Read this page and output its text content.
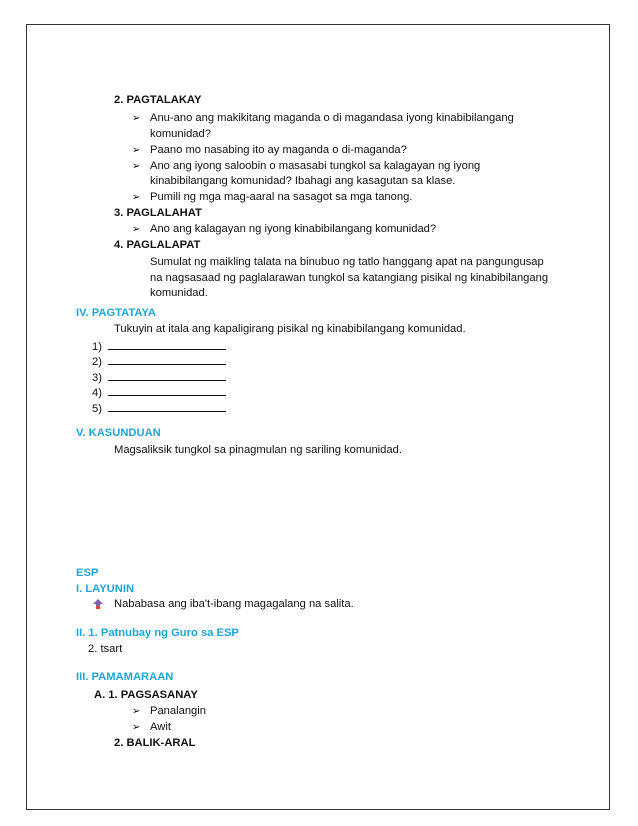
2. PAGTALAKAY
➢ Anu-ano ang makikitang maganda o di magandasa iyong kinabibilangang
komunidad?
➢ Paano mo nasabing ito ay maganda o di-maganda?
➢ Ano ang iyong saloobin o masasabi tungkol sa kalagayan ng iyong
kinabibilangang komunidad? Ibahagi ang kasagutan sa klase.
➢ Pumili ng mga mag-aaral na sasagot sa mga tanong.
3. PAGLALAHAT
➢ Ano ang kalagayan ng iyong kinabibilangang komunidad?
4. PAGLALAPAT
Sumulat ng maikling talata na binubuo ng tatlo hanggang apat na pangungusap
na nagsasaad ng paglalarawan tungkol sa katangiang pisikal ng kinabibilangang
komunidad.
IV. PAGTATAYA
Tukuyin at itala ang kapaligirang pisikal ng kinabibilangang komunidad.
1)
2)
3)
4)
5)
V. KASUNDUAN
Magsaliksik tungkol sa pinagmulan ng sariling komunidad.
ESP
I. LAYUNIN
Nababasa ang iba't-ibang magagalang na salita.
II. 1. Patnubay ng Guro sa ESP
2. tsart
III. PAMAMARAAN
A. 1. PAGSASANAY
➢ Panalangin
➢ Awit
2. BALIK-ARAL
